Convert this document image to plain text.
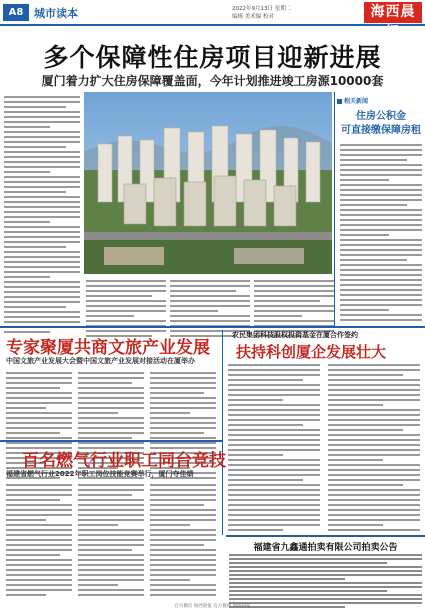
A8 城市读本	2022年9月13日 星期二
编辑 美术编 校对	海西晨报
多个保障性住房项目迎新进展
厦门着力扩大住房保障覆盖面，今年计划推进竣工房源10000套
相关新闻
住房公积金
可直接缴保障房租
专家聚厦共商文旅产业发展
中国文旅产业发展大会暨中国文旅产业发展对接活动在厦举办
农民集团科技股权投资基金在厦合作签约
扶持科创厦企发展壮大
百名燃气行业职工同台竞技
福建省燃气行业2022年职工岗位技能竞赛举行，厦门夺佳绩
福建省九鑫通拍卖有限公司拍卖公告
官方微信 海西晨报 官方微博 海西晨报
